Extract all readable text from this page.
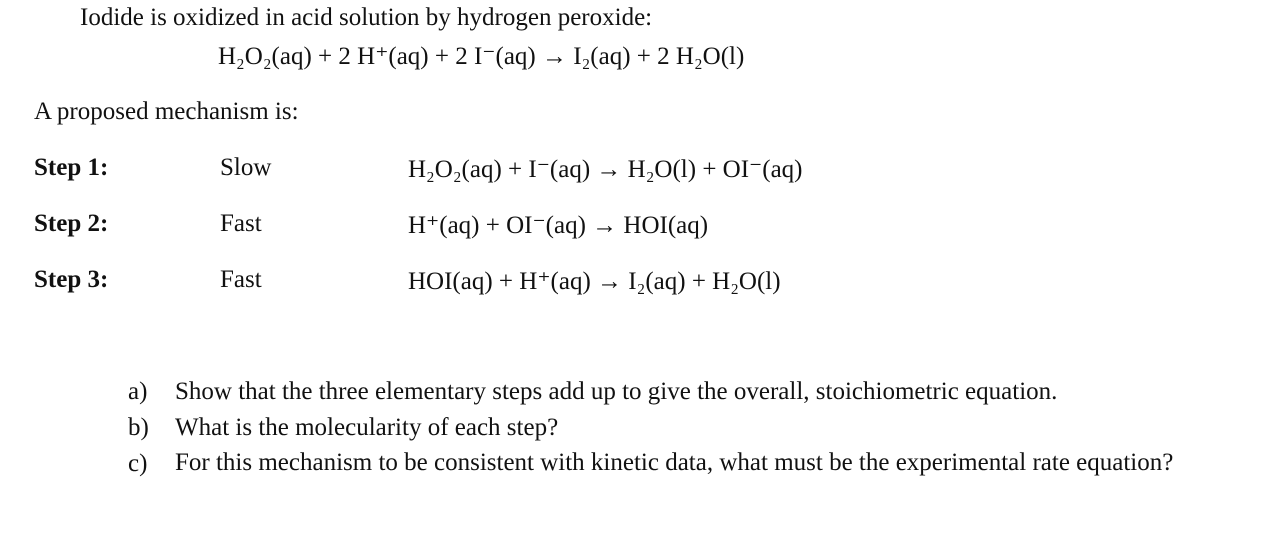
Iodide is oxidized in acid solution by hydrogen peroxide:
H₂O₂(aq) + 2 H⁺(aq) + 2 I⁻(aq) → I₂(aq) + 2 H₂O(l)
A proposed mechanism is:
Step 1:	Slow	H₂O₂(aq) + I⁻(aq) → H₂O(l) + OI⁻(aq)
Step 2:	Fast	H⁺(aq) + OI⁻(aq) → HOI(aq)
Step 3:	Fast	HOI(aq) + H⁺(aq) → I₂(aq) + H₂O(l)
a) Show that the three elementary steps add up to give the overall, stoichiometric equation.
b) What is the molecularity of each step?
c) For this mechanism to be consistent with kinetic data, what must be the experimental rate equation?
